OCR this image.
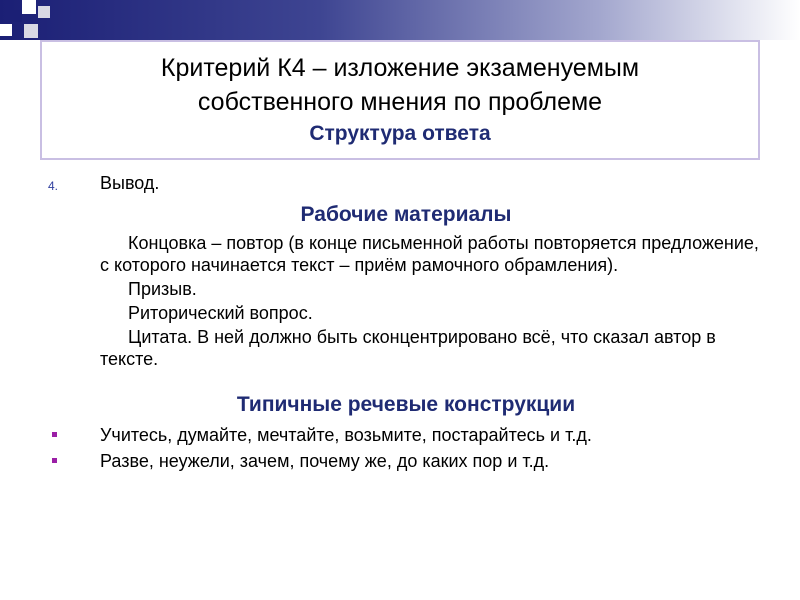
Критерий К4 – изложение экзаменуемым
собственного мнения по проблеме
Структура ответа
4. Вывод.
Рабочие материалы
Концовка – повтор (в конце письменной работы повторяется предложение, с которого начинается текст – приём рамочного обрамления).
Призыв.
Риторический вопрос.
Цитата. В ней должно быть сконцентрировано всё, что сказал автор в тексте.
Типичные речевые конструкции
Учитесь, думайте, мечтайте, возьмите, постарайтесь и т.д.
Разве, неужели, зачем, почему же, до каких пор и т.д.
